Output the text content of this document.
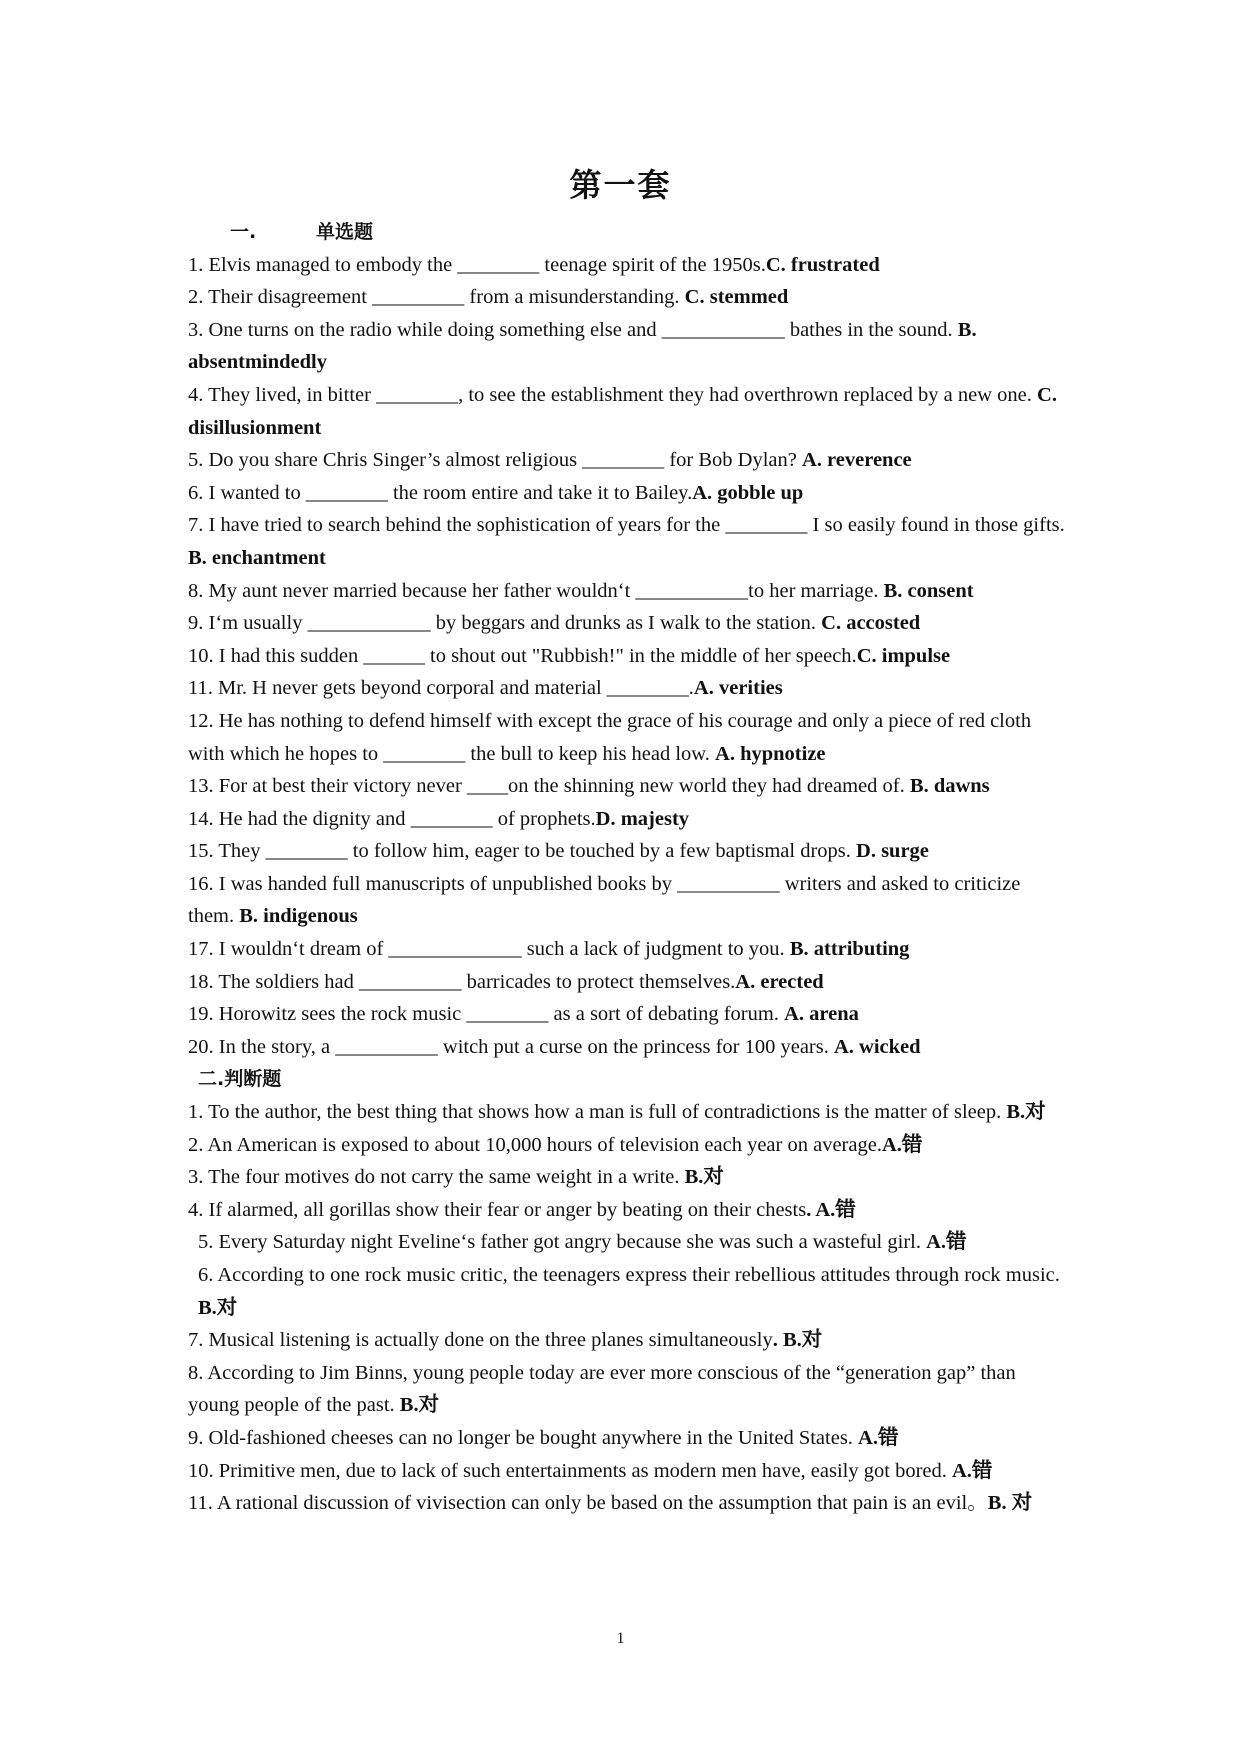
第一套
一.	单选题

1. Elvis managed to embody the ________ teenage spirit of the 1950s.C. frustrated

2. Their disagreement _________ from a misunderstanding. C. stemmed

3. One turns on the radio while doing something else and ____________ bathes in the sound. B. absentmindedly

4. They lived, in bitter ________, to see the establishment they had overthrown replaced by a new one. C. disillusionment

5. Do you share Chris Singer’s almost religious ________ for Bob Dylan? A. reverence

6. I wanted to ________ the room entire and take it to Bailey.A. gobble up

7. I have tried to search behind the sophistication of years for the ________ I so easily found in those gifts. B. enchantment

8. My aunt never married because her father wouldn‘t ___________to her marriage. B. consent

9. I‘m usually ____________ by beggars and drunks as I walk to the station. C. accosted

10. I had this sudden ______ to shout out "Rubbish!" in the middle of her speech.C. impulse

11. Mr. H never gets beyond corporal and material ________.A. verities

12. He has nothing to defend himself with except the grace of his courage and only a piece of red cloth with which he hopes to ________ the bull to keep his head low. A. hypnotize

13. For at best their victory never ____on the shinning new world they had dreamed of. B. dawns

14. He had the dignity and ________ of prophets.D. majesty

15. They ________ to follow him, eager to be touched by a few baptismal drops. D. surge

16. I was handed full manuscripts of unpublished books by __________ writers and asked to criticize them. B. indigenous

17. I wouldn‘t dream of _____________ such a lack of judgment to you. B. attributing

18. The soldiers had __________ barricades to protect themselves.A. erected

19. Horowitz sees the rock music ________ as a sort of debating forum. A. arena

20. In the story, a __________ witch put a curse on the princess for 100 years. A. wicked

二.判断题

1. To the author, the best thing that shows how a man is full of contradictions is the matter of sleep. B.对

2. An American is exposed to about 10,000 hours of television each year on average.A.错

3. The four motives do not carry the same weight in a write. B.对

4. If alarmed, all gorillas show their fear or anger by beating on their chests. A.错

5. Every Saturday night Eveline‘s father got angry because she was such a wasteful girl. A.错

6. According to one rock music critic, the teenagers express their rebellious attitudes through rock music. B.对

7. Musical listening is actually done on the three planes simultaneously. B.对

8. According to Jim Binns, young people today are ever more conscious of the “generation gap” than young people of the past. B.对

9. Old-fashioned cheeses can no longer be bought anywhere in the United States. A.错

10. Primitive men, due to lack of such entertainments as modern men have, easily got bored. A.错

11. A rational discussion of vivisection can only be based on the assumption that pain is an evil。B. 对

1
